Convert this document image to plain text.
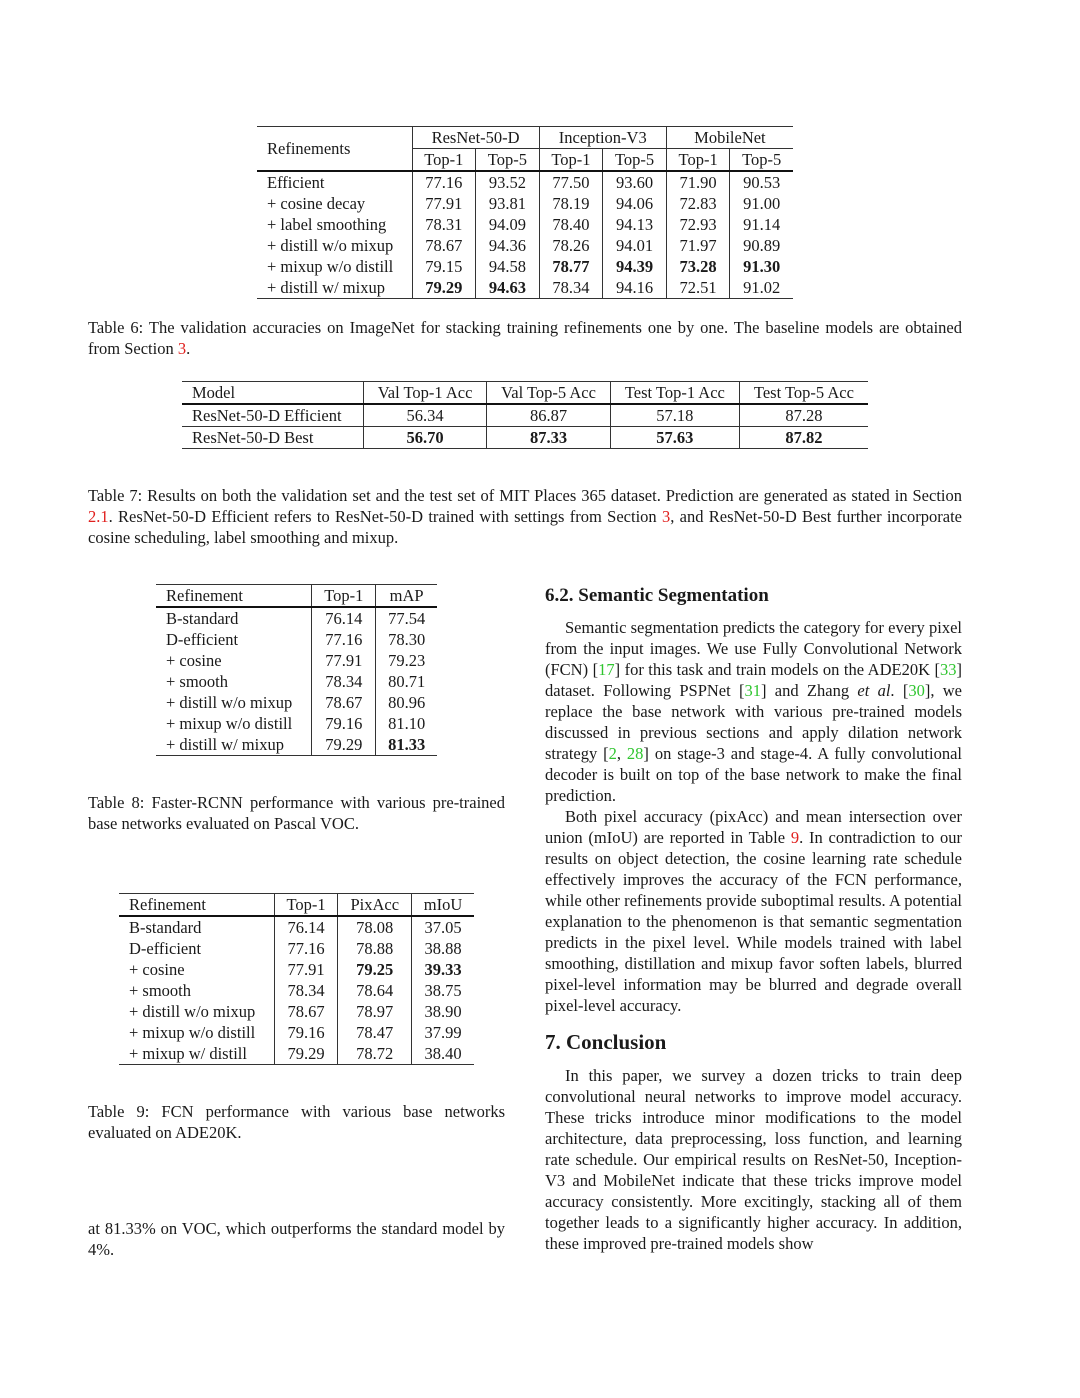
Refinements	ResNet-50-D		Inception-V3		MobileNet	
	Top-1	Top-5	Top-1	Top-5	Top-1	Top-5
Efficient	77.16	93.52	77.50	93.60	71.90	90.53
+ cosine decay	77.91	93.81	78.19	94.06	72.83	91.00
+ label smoothing	78.31	94.09	78.40	94.13	72.93	91.14
+ distill w/o mixup	78.67	94.36	78.26	94.01	71.97	90.89
+ mixup w/o distill	79.15	94.58	78.77	94.39	73.28	91.30
+ distill w/ mixup	79.29	94.63	78.34	94.16	72.51	91.02
Table 6: The validation accuracies on ImageNet for stacking training refinements one by one. The baseline models are obtained from Section 3.
Model	Val Top-1 Acc	Val Top-5 Acc	Test Top-1 Acc	Test Top-5 Acc
ResNet-50-D Efficient	56.34	86.87	57.18	87.28
ResNet-50-D Best	56.70	87.33	57.63	87.82
Table 7: Results on both the validation set and the test set of MIT Places 365 dataset. Prediction are generated as stated in Section 2.1. ResNet-50-D Efficient refers to ResNet-50-D trained with settings from Section 3, and ResNet-50-D Best further incorporate cosine scheduling, label smoothing and mixup.
Refinement	Top-1	mAP
B-standard	76.14	77.54
D-efficient	77.16	78.30
+ cosine	77.91	79.23
+ smooth	78.34	80.71
+ distill w/o mixup	78.67	80.96
+ mixup w/o distill	79.16	81.10
+ distill w/ mixup	79.29	81.33
Table 8: Faster-RCNN performance with various pre-trained base networks evaluated on Pascal VOC.
Refinement	Top-1	PixAcc	mIoU
B-standard	76.14	78.08	37.05
D-efficient	77.16	78.88	38.88
+ cosine	77.91	79.25	39.33
+ smooth	78.34	78.64	38.75
+ distill w/o mixup	78.67	78.97	38.90
+ mixup w/o distill	79.16	78.47	37.99
+ mixup w/ distill	79.29	78.72	38.40
Table 9: FCN performance with various base networks evaluated on ADE20K.
at 81.33% on VOC, which outperforms the standard model by 4%.
6.2. Semantic Segmentation

Semantic segmentation predicts the category for every pixel from the input images. We use Fully Convolutional Network (FCN) [17] for this task and train models on the ADE20K [33] dataset. Following PSPNet [31] and Zhang et al. [30], we replace the base network with various pre-trained models discussed in previous sections and apply dilation network strategy [2, 28] on stage-3 and stage-4. A fully convolutional decoder is built on top of the base network to make the final prediction.

Both pixel accuracy (pixAcc) and mean intersection over union (mIoU) are reported in Table 9. In contradiction to our results on object detection, the cosine learning rate schedule effectively improves the accuracy of the FCN performance, while other refinements provide suboptimal results. A potential explanation to the phenomenon is that semantic segmentation predicts in the pixel level. While models trained with label smoothing, distillation and mixup favor soften labels, blurred pixel-level information may be blurred and degrade overall pixel-level accuracy.

7. Conclusion

In this paper, we survey a dozen tricks to train deep convolutional neural networks to improve model accuracy. These tricks introduce minor modifications to the model architecture, data preprocessing, loss function, and learning rate schedule. Our empirical results on ResNet-50, Inception-V3 and MobileNet indicate that these tricks improve model accuracy consistently. More excitingly, stacking all of them together leads to a significantly higher accuracy. In addition, these improved pre-trained models show
